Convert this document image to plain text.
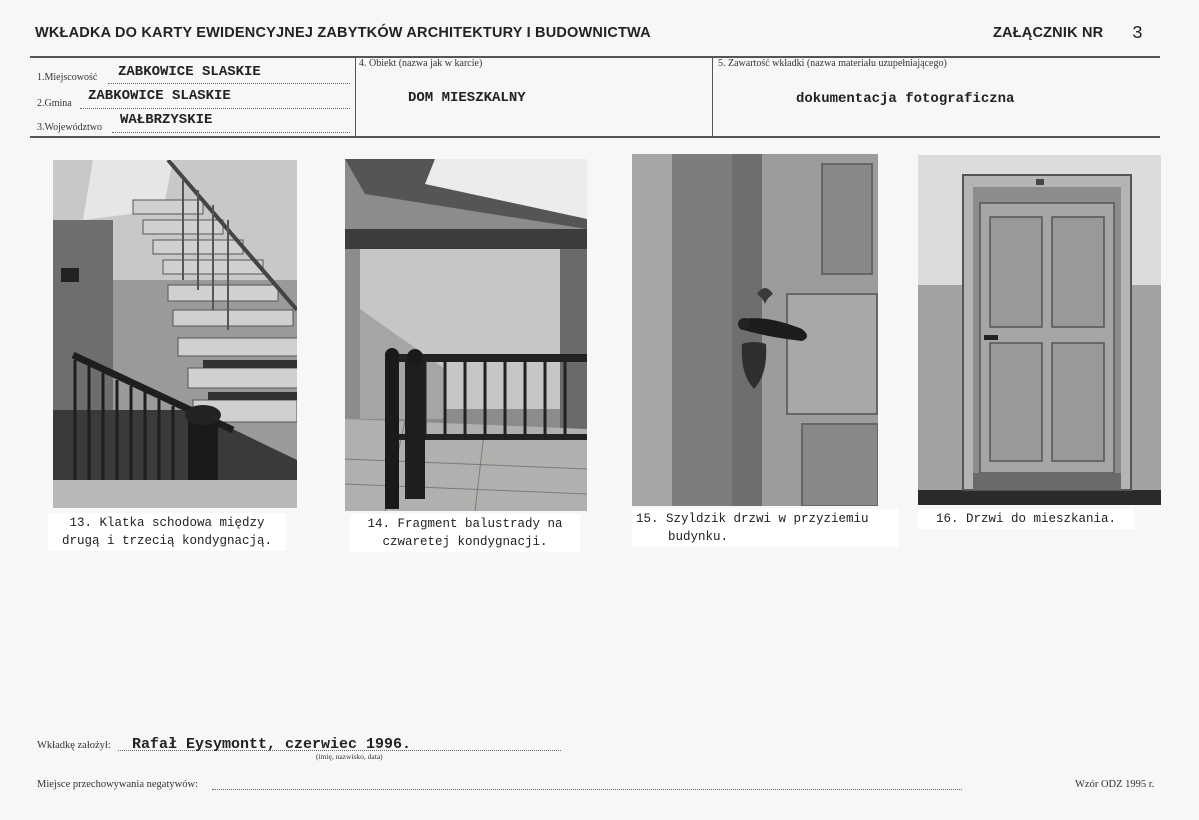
WKŁADKA DO KARTY EWIDENCYJNEJ ZABYTKÓW ARCHITEKTURY I BUDOWNICTWA	ZAŁĄCZNIK NR 3
1.Miejscowość ZABKOWICE SLASKIE
2.Gmina ZABKOWICE SLASKIE
3.Województwo WAŁBRZYSKIE
4. Obiekt (nazwa jak w karcie)
DOM MIESZKALNY
5. Zawartość wkładki (nazwa materiału uzupełniającego)
dokumentacja fotograficzna
13. Klatka schodowa między
drugą i trzecią kondygnacją.
14. Fragment balustrady na
czwaretej kondygnacji.
15. Szyldzik drzwi w przyziemiu
budynku.
16. Drzwi do mieszkania.
Wkładkę założył: Rafał Eysymontt, czerwiec 1996.
(imię, nazwisko, data)
Miejsce przechowywania negatywów:	Wzór ODZ 1995 r.
